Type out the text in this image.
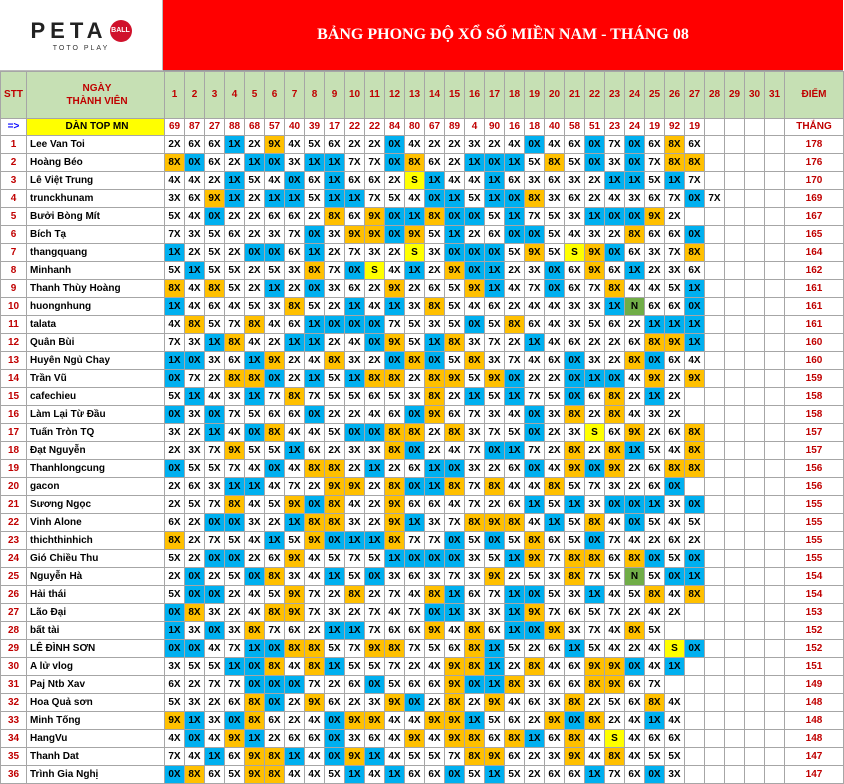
PETA BALL
TOTO PLAY
BẢNG PHONG ĐỘ XỔ SỐ MIỀN NAM - THÁNG 08
STT	NGÀY
THÀNH VIÊN	1	2	3	4	5	6	7	8	9	10	11	12	13	14	15	16	17	18	19	20	21	22	23	24	25	26	27	28	29	30	31	ĐIỂM
=>	DÀN TOP MN	69	87	27	88	68	57	40	39	17	22	22	84	80	67	89	4	90	16	18	40	58	51	23	24	19	92	19					THẮNG
1	Lee Van Toi	2X	6X	6X	1X	2X	9X	4X	5X	6X	2X	2X	0X	4X	2X	2X	3X	2X	4X	0X	4X	6X	0X	7X	0X	6X	8X	6X					178
2	Hoàng Béo	8X	0X	6X	2X	1X	0X	3X	1X	1X	7X	7X	0X	8X	6X	2X	1X	0X	1X	5X	8X	5X	0X	3X	0X	7X	8X	8X					176
3	Lê Việt Trung	4X	4X	2X	1X	5X	4X	0X	6X	1X	6X	6X	2X	S	1X	4X	4X	1X	6X	3X	6X	3X	2X	1X	1X	5X	1X	7X					170
4	trunckhunam	3X	6X	9X	1X	2X	1X	1X	5X	1X	1X	7X	5X	4X	0X	1X	5X	1X	0X	8X	3X	6X	2X	4X	3X	6X	7X	0X	7X				169
5	Bưởi Bòng Mít	5X	4X	0X	2X	2X	6X	6X	2X	8X	6X	9X	0X	1X	8X	0X	0X	5X	1X	7X	5X	3X	1X	0X	0X	9X	2X						167
6	Bích Tạ	7X	3X	5X	6X	2X	3X	7X	0X	3X	9X	9X	0X	9X	5X	1X	2X	6X	0X	0X	5X	4X	3X	2X	8X	6X	6X	0X					165
7	thangquang	1X	2X	5X	2X	0X	0X	6X	1X	2X	7X	3X	2X	S	3X	0X	0X	0X	5X	9X	5X	S	9X	0X	6X	3X	7X	8X					164
8	Minhanh	5X	1X	5X	5X	2X	5X	3X	8X	7X	0X	S	4X	1X	2X	9X	0X	1X	2X	3X	0X	6X	9X	6X	1X	2X	3X	6X					162
9	Thanh Thùy Hoàng	8X	4X	8X	5X	2X	1X	2X	0X	3X	6X	2X	9X	2X	6X	5X	9X	1X	4X	7X	0X	6X	7X	8X	4X	4X	5X	1X					161
10	huongnhung	1X	4X	6X	4X	5X	3X	8X	5X	2X	1X	4X	1X	3X	8X	5X	4X	6X	2X	4X	4X	3X	3X	1X	N	6X	6X	0X					161
11	talata	4X	8X	5X	7X	8X	4X	6X	1X	0X	0X	0X	7X	5X	3X	5X	0X	5X	8X	6X	4X	3X	5X	6X	2X	1X	1X	1X					161
12	Quân Bùi	7X	3X	1X	8X	4X	2X	1X	1X	2X	4X	0X	9X	5X	1X	8X	3X	7X	2X	1X	4X	6X	2X	2X	6X	8X	9X	1X					160
13	Huyên Ngủ Chay	1X	0X	3X	6X	1X	9X	2X	4X	8X	3X	2X	0X	8X	0X	5X	8X	3X	7X	4X	6X	0X	3X	2X	8X	0X	6X	4X					160
14	Trần Vũ	0X	7X	2X	8X	8X	0X	2X	1X	5X	1X	8X	8X	2X	8X	9X	5X	9X	0X	2X	2X	0X	1X	0X	4X	9X	2X	9X					159
15	cafechieu	5X	1X	4X	3X	1X	7X	8X	7X	5X	5X	6X	5X	3X	8X	2X	1X	5X	1X	7X	5X	0X	6X	8X	2X	1X	2X						158
16	Làm Lại Từ Đầu	0X	3X	0X	7X	5X	6X	6X	0X	2X	2X	4X	6X	0X	9X	6X	7X	3X	4X	0X	3X	8X	2X	8X	4X	3X	2X						158
17	Tuấn Tròn TQ	3X	2X	1X	4X	0X	8X	4X	4X	5X	0X	0X	8X	8X	2X	8X	3X	7X	5X	0X	2X	3X	S	6X	9X	2X	6X	8X					157
18	Đạt Nguyễn	2X	3X	7X	9X	5X	5X	1X	6X	2X	3X	3X	8X	0X	2X	4X	7X	0X	1X	7X	2X	8X	2X	8X	1X	5X	4X	8X					157
19	Thanhlongcung	0X	5X	5X	7X	4X	0X	4X	8X	8X	2X	1X	2X	6X	1X	0X	3X	2X	6X	0X	4X	9X	0X	9X	2X	6X	8X	8X					156
20	gacon	2X	6X	3X	1X	1X	4X	7X	2X	9X	9X	2X	8X	0X	1X	8X	7X	8X	4X	4X	8X	5X	7X	3X	2X	6X	0X						156
21	Sương Ngọc	2X	5X	7X	8X	4X	5X	9X	0X	8X	4X	2X	9X	6X	6X	4X	7X	2X	6X	1X	5X	1X	3X	0X	0X	1X	3X	0X					155
22	Vinh Alone	6X	2X	0X	0X	3X	2X	1X	8X	8X	3X	2X	9X	1X	3X	7X	8X	9X	8X	4X	1X	5X	8X	4X	0X	5X	4X	5X					155
23	thichthinhich	8X	2X	7X	5X	4X	1X	5X	9X	0X	1X	1X	8X	7X	7X	0X	5X	0X	5X	8X	6X	5X	0X	7X	4X	2X	6X	2X					155
24	Gió Chiều Thu	5X	2X	0X	0X	2X	6X	9X	4X	5X	7X	5X	1X	0X	0X	0X	3X	5X	1X	9X	7X	8X	8X	6X	8X	0X	5X	0X					155
25	Nguyễn Hà	2X	0X	2X	5X	0X	8X	3X	4X	1X	5X	0X	3X	6X	3X	7X	3X	9X	2X	5X	3X	8X	7X	5X	N	5X	0X	1X					154
26	Hải thái	5X	0X	0X	2X	4X	5X	9X	7X	2X	8X	2X	7X	4X	8X	1X	6X	7X	1X	0X	5X	3X	1X	4X	5X	8X	4X	8X					154
27	Lão Đại	0X	8X	3X	2X	4X	8X	9X	7X	3X	2X	7X	4X	7X	0X	1X	3X	3X	1X	9X	7X	6X	5X	7X	2X	4X	2X						153
28	bất tài	1X	3X	0X	3X	8X	7X	6X	2X	1X	1X	7X	6X	6X	9X	4X	8X	6X	1X	0X	9X	3X	7X	4X	8X	5X							152
29	LÊ ĐÌNH SƠN	0X	0X	4X	7X	1X	0X	8X	8X	5X	7X	9X	8X	7X	5X	6X	8X	1X	5X	2X	6X	1X	5X	4X	2X	4X	S	0X					152
30	A lử vlog	3X	5X	5X	1X	0X	8X	4X	8X	1X	5X	5X	7X	2X	4X	9X	8X	1X	2X	8X	4X	6X	9X	9X	0X	4X	1X						151
31	Paj Ntb Xav	6X	2X	7X	7X	0X	0X	0X	7X	2X	6X	0X	5X	6X	6X	9X	0X	1X	8X	3X	6X	6X	8X	9X	6X	7X							149
32	Hoa Quả sơn	5X	3X	2X	6X	8X	0X	2X	9X	6X	2X	3X	9X	0X	2X	8X	2X	9X	4X	6X	3X	8X	2X	5X	6X	8X	4X						148
33	Minh Tống	9X	1X	3X	0X	8X	6X	2X	4X	0X	9X	9X	4X	4X	9X	9X	1X	5X	6X	2X	9X	0X	8X	2X	4X	1X	4X						148
34	HangVu	4X	0X	4X	9X	1X	2X	6X	6X	0X	3X	6X	4X	9X	4X	9X	8X	6X	8X	1X	6X	8X	4X	S	4X	6X	6X						148
35	Thanh Dat	7X	4X	1X	6X	9X	8X	1X	4X	0X	9X	1X	4X	5X	5X	7X	8X	9X	6X	2X	3X	9X	4X	8X	4X	5X	5X						147
36	Trình Gia Nghị	0X	8X	6X	5X	9X	8X	4X	4X	5X	1X	4X	1X	6X	6X	0X	5X	1X	5X	2X	6X	6X	1X	7X	6X	0X	3X						147
